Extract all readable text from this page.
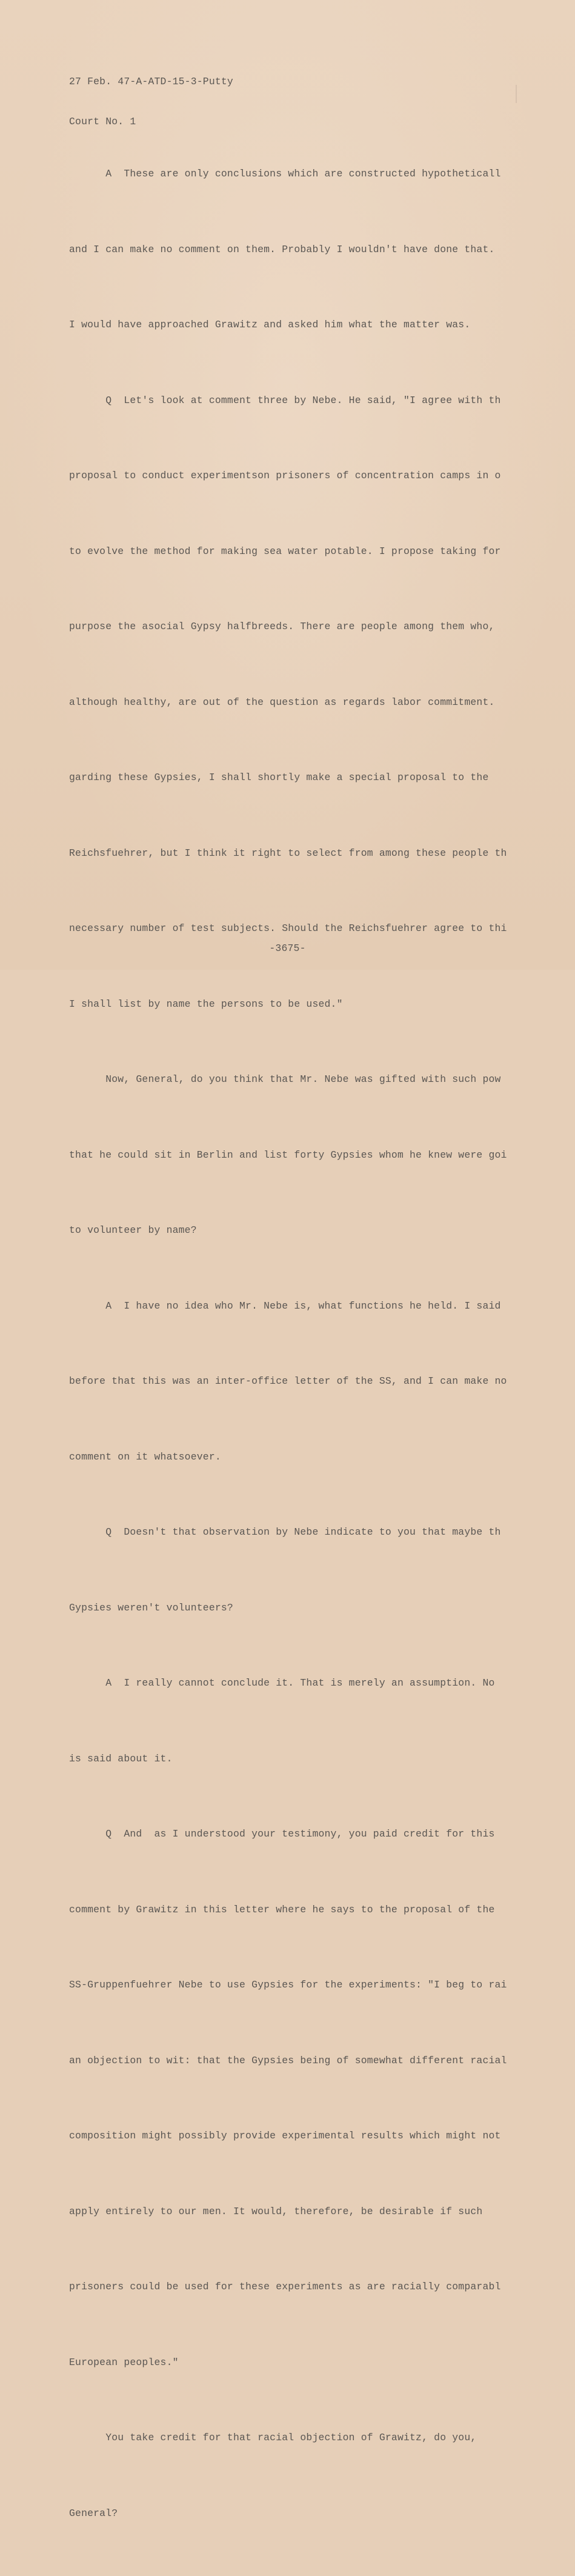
27 Feb. 47-A-ATD-15-3-Putty

Court No. 1

A  These are only conclusions which are constructed hypotheticall

and I can make no comment on them. Probably I wouldn't have done that.

I would have approached Grawitz and asked him what the matter was.

Q  Let's look at comment three by Nebe. He said, "I agree with th

proposal to conduct experimentson prisoners of concentration camps in o

to evolve the method for making sea water potable. I propose taking for

purpose the asocial Gypsy halfbreeds. There are people among them who,

although healthy, are out of the question as regards labor commitment.

garding these Gypsies, I shall shortly make a special proposal to the

Reichsfuehrer, but I think it right to select from among these people th

necessary number of test subjects. Should the Reichsfuehrer agree to thi

I shall list by name the persons to be used."

Now, General, do you think that Mr. Nebe was gifted with such pow

that he could sit in Berlin and list forty Gypsies whom he knew were goi

to volunteer by name?

A  I have no idea who Mr. Nebe is, what functions he held. I said

before that this was an inter-office letter of the SS, and I can make no

comment on it whatsoever.

Q  Doesn't that observation by Nebe indicate to you that maybe th

Gypsies weren't volunteers?

A  I really cannot conclude it. That is merely an assumption. No

is said about it.

Q  And  as I understood your testimony, you paid credit for this

comment by Grawitz in this letter where he says to the proposal of the

SS-Gruppenfuehrer Nebe to use Gypsies for the experiments: "I beg to rai

an objection to wit: that the Gypsies being of somewhat different racial

composition might possibly provide experimental results which might not

apply entirely to our men. It would, therefore, be desirable if such

prisoners could be used for these experiments as are racially comparabl

European peoples."

You take credit for that racial objection of Grawitz, do you,

General?

-3675-
